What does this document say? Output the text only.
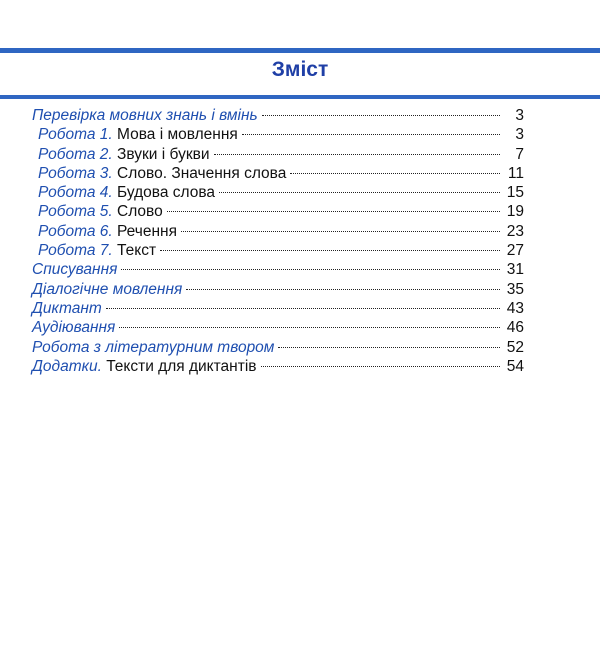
Зміст
Перевірка мовних знань і вмінь	3
Робота 1. Мова і мовлення	3
Робота 2. Звуки і букви	7
Робота 3. Слово. Значення слова	11
Робота 4. Будова слова	15
Робота 5. Слово	19
Робота 6. Речення	23
Робота 7. Текст	27
Списування	31
Діалогічне мовлення	35
Диктант	43
Аудіювання	46
Робота з літературним твором	52
Додатки. Тексти для диктантів	54
